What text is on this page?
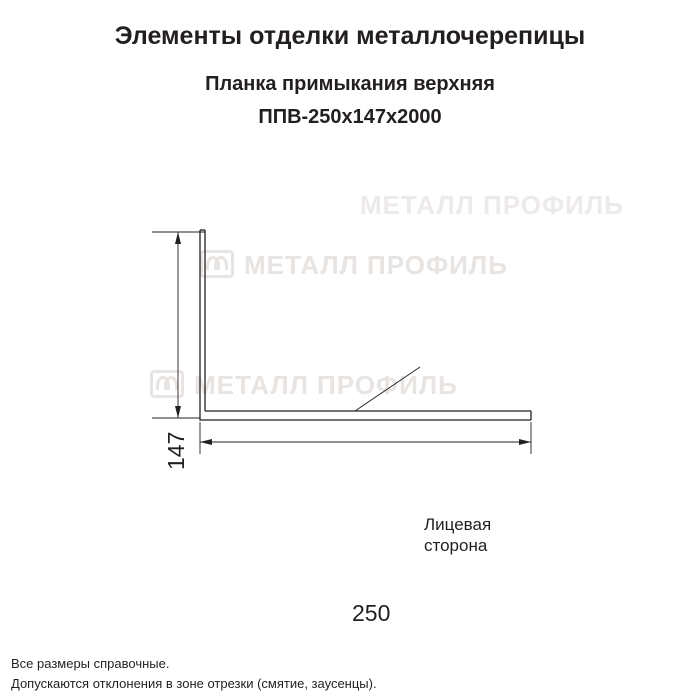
Элементы отделки металлочерепицы
Планка примыкания верхняя
ППВ-250х147х2000
МЕТАЛЛ ПРОФИЛЬ
МЕТАЛЛ ПРОФИЛЬ
МЕТАЛЛ ПРОФИЛЬ
147
250
Лицевая
сторона
Все размеры справочные.
Допускаются отклонения в зоне отрезки (смятие, заусенцы).
